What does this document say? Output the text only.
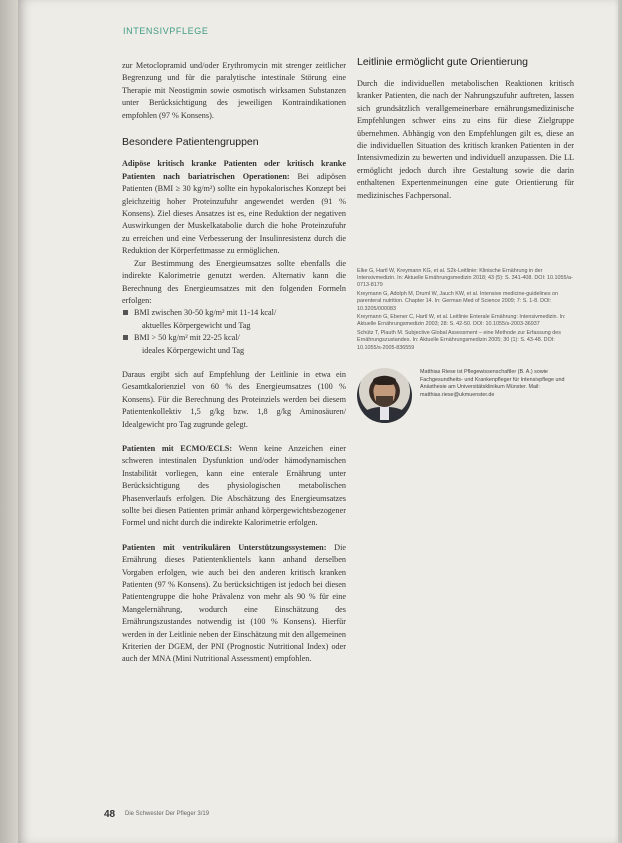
INTENSIVPFLEGE

zur Metoclopramid und/oder Erythromycin mit strenger zeitlicher Begrenzung und für die paralytische intestinale Störung eine Therapie mit Neostigmin sowie osmotisch wirksamen Substanzen unter Berücksichtigung des jeweiligen Kontraindikationen empfohlen (97 % Konsens).

Besondere Patientengruppen

Adipöse kritisch kranke Patienten oder kritisch kranke Patienten nach bariatrischen Operationen: Bei adipösen Patienten (BMI ≥ 30 kg/m²) sollte ein hypokalorisches Konzept bei gleichzeitig hoher Proteinzufuhr angewendet werden (91 % Konsens). Ziel dieses Ansatzes ist es, eine Reduktion der negativen Auswirkungen der Muskelkatabolie durch die hohe Proteinzufuhr zu erreichen und eine Verbesserung der Insulinresistenz durch die Reduktion der Körperfettmasse zu ermöglichen.

Zur Bestimmung des Energieumsatzes sollte ebenfalls die indirekte Kalorimetrie genutzt werden. Alternativ kann die Berechnung des Energieumsatzes mit den folgenden Formeln erfolgen:

BMI zwischen 30-50 kg/m² mit 11-14 kcal/
aktuelles Körpergewicht und Tag
BMI > 50 kg/m² mit 22-25 kcal/
ideales Körpergewicht und Tag

Daraus ergibt sich auf Empfehlung der Leitlinie in etwa ein Gesamtkalorienziel von 60 % des Energieumsatzes (100 % Konsens). Für die Berechnung des Proteinziels werden bei diesem Patientenkollektiv 1,5 g/kg bzw. 1,8 g/kg Aminosäuren/ Idealgewicht pro Tag zugrunde gelegt.

Patienten mit ECMO/ECLS: Wenn keine Anzeichen einer schweren intestinalen Dysfunktion und/oder hämodynamischen Instabilität vorliegen, kann eine enterale Ernährung unter Berücksichtigung des physiologischen metabolischen Phasenverlaufs erfolgen. Die Abschätzung des Energieumsatzes sollte bei diesen Patienten primär anhand körpergewichtsbezogener Formel und nicht durch die indirekte Kalorimetrie erfolgen.

Patienten mit ventrikulären Unterstützungssystemen: Die Ernährung dieses Patientenklientels kann anhand derselben Vorgaben erfolgen, wie auch bei den anderen kritisch kranken Patienten (97 % Konsens). Zu berücksichtigen ist jedoch bei diesen Patientengruppe die hohe Prävalenz von mehr als 90 % für eine Mangelernährung, wodurch eine Einschätzung des Ernährungszustandes notwendig ist (100 % Konsens). Hierfür werden in der Leitlinie neben der Einschätzung mit den allgemeinen Kriterien der DGEM, der PNI (Prognostic Nutritional Index) oder auch der MNA (Mini Nutritional Assessment) empfohlen.

Leitlinie ermöglicht gute Orientierung

Durch die individuellen metabolischen Reaktionen kritisch kranker Patienten, die nach der Nahrungszufuhr auftreten, lassen sich grundsätzlich verallgemeinerbare ernährungsmedizinische Empfehlungen schwer eins zu eins für diese Zielgruppe übernehmen. Abhängig von den Empfehlungen gilt es, diese an die individuellen Situation des kritisch kranken Patienten in der Intensivmedizin zu bewerten und individuell anzupassen. Die LL ermöglicht jedoch durch ihre Gestaltung sowie die darin enthaltenen Expertenmeinungen eine gute Orientierung für medizinisches Fachpersonal.

Elke G, Hartl W, Kreymann KG, et al. S2k-Leitlinie: Klinische Ernährung in der Intensivmedizin. In: Aktuelle Ernährungsmedizin 2018; 43 (5): S. 341-408. DOI: 10.1055/a-0713-8179

Kreymann G, Adolph M, Druml W, Jauch KW, et al. Intensive medicine-guidelines on parenteral nutrition. Chapter 14. In: German Med of Science 2009; 7: S. 1-8. DOI: 10.3205/000083

Kreymann G, Ebener C, Hartl W, et al. Leitlinie Enterale Ernährung: Intensivmedizin. In: Aktuelle Ernährungsmedizin 2003; 28: S. 42-50. DOI: 10.1055/s-2003-36937

Schütz T, Plauth M. Subjective Global Assessment – eine Methode zur Erfassung des Ernährungszustandes. In: Aktuelle Ernährungsmedizin 2005; 30 (1): S. 43-48. DOI: 10.1055/s-2005-836559

Matthias Riese ist Pflegewissenschaftler (B. A.) sowie Fachgesundheits- und Krankenpfleger für Intensivpflege und Anästhesie am Universitätsklinikum Münster. Mail: matthias.riese@ukmuenster.de
48 Die Schwester Der Pfleger 3/19
